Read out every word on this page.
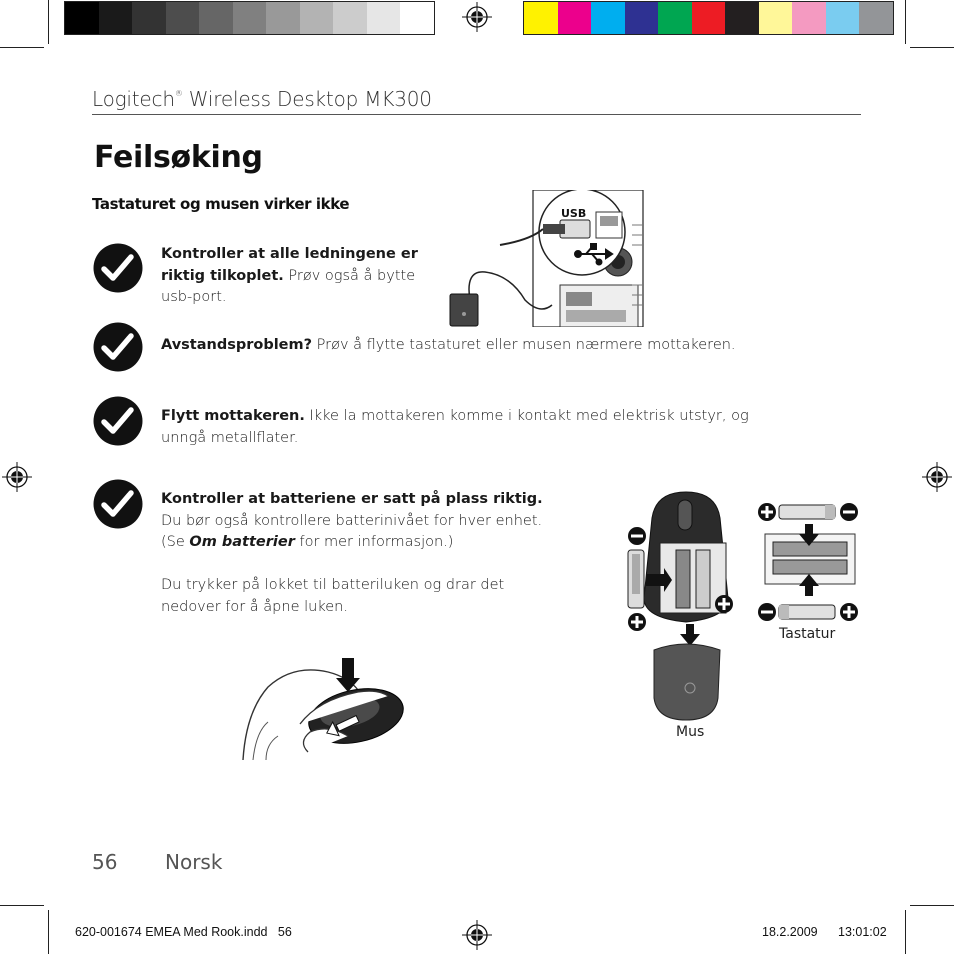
Logitech® Wireless Desktop MK300
Feilsøking
Tastaturet og musen virker ikke
Kontroller at alle ledningene er riktig tilkoplet. Prøv også å bytte usb-port.
Avstandsproblem? Prøv å flytte tastaturet eller musen nærmere mottakeren.
Flytt mottakeren. Ikke la mottakeren komme i kontakt med elektrisk utstyr, og unngå metallflater.
Kontroller at batteriene er satt på plass riktig.
Du bør også kontrollere batterinivået for hver enhet.
(Se Om batterier for mer informasjon.)
Du trykker på lokket til batteriluken og drar det nedover for å åpne luken.
USB
Mus
Tastatur
56 Norsk
620-001674 EMEA Med Rook.indd   56	18.2.2009 13:01:02
